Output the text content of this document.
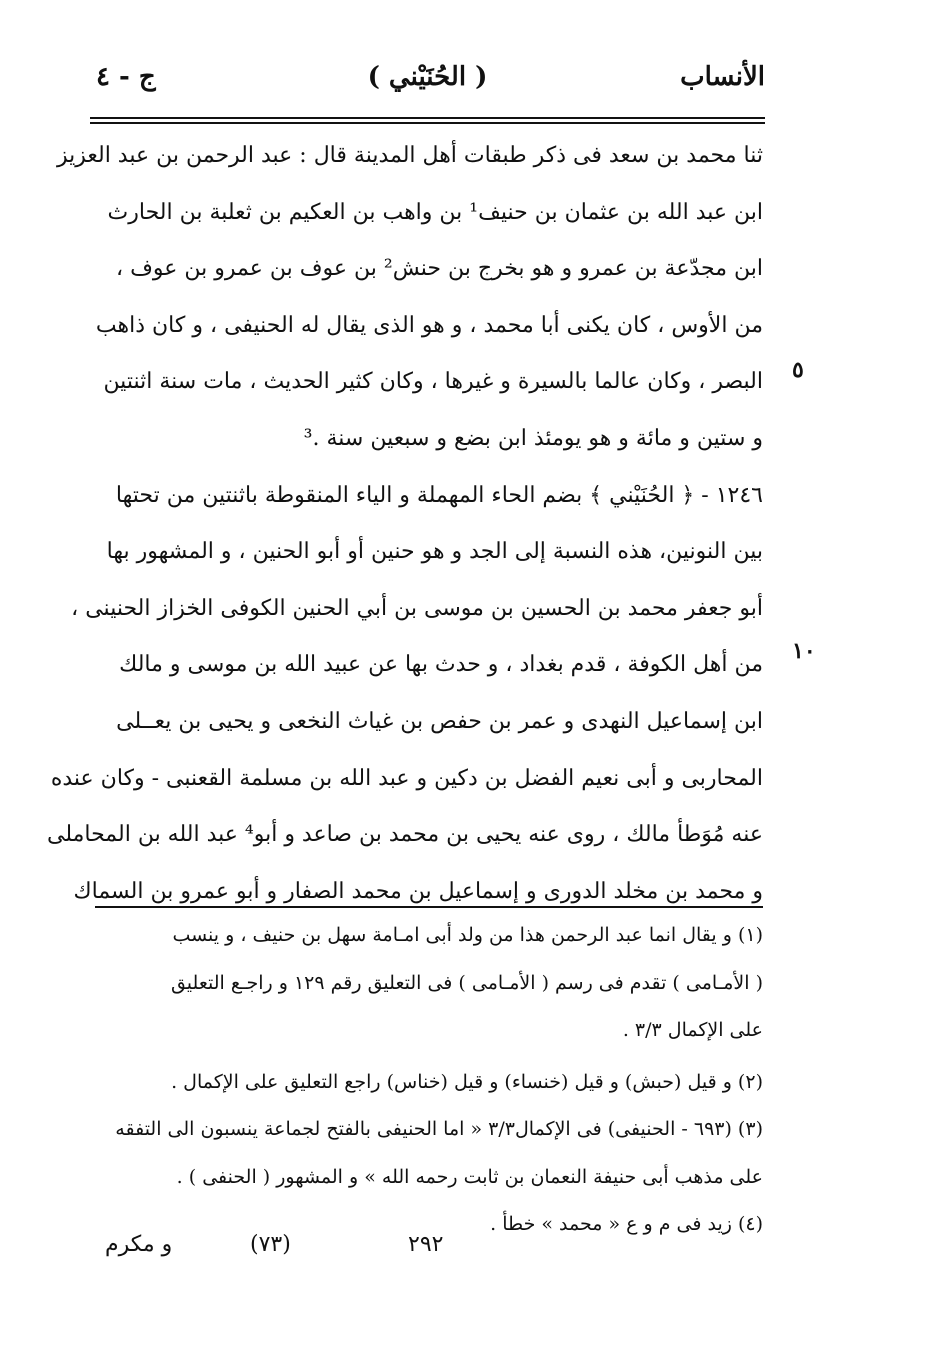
الأنساب
( الحُنَيْني )
ج - ٤
٥
١٠
ثنا محمد بن سعد فى ذكر طبقات أهل المدينة قال : عبد الرحمن بن عبد العزيز
ابن عبد الله بن عثمان بن حنيف¹ بن واهب بن العكيم بن ثعلبة بن الحارث
ابن مجدّعة بن عمرو و هو بخرج بن حنش² بن عوف بن عمرو بن عوف ،
من الأوس ، كان يكنى أبا محمد ، و هو الذى يقال له الحنيفى ، و كان ذاهب
البصر ، وكان عالما بالسيرة و غيرها ، وكان كثير الحديث ، مات سنة اثنتين
و ستين و مائة و هو يومئذ ابن بضع و سبعين سنة .³
١٢٤٦ - ﴿ الحُنَيْني ﴾ بضم الحاء المهملة و الياء المنقوطة باثنتين من تحتها
بين النونين، هذه النسبة إلى الجد و هو حنين أو أبو الحنين ، و المشهور بها
أبو جعفر محمد بن الحسين بن موسى بن أبي الحنين الكوفى الخزاز الحنينى ،
من أهل الكوفة ، قدم بغداد ، و حدث بها عن عبيد الله بن موسى و مالك
ابن إسماعيل النهدى و عمر بن حفص بن غياث النخعى و يحيى بن يعــلى
المحاربى و أبى نعيم الفضل بن دكين و عبد الله بن مسلمة القعنبى - وكان عنده
عنه مُوَطأ مالك ، روى عنه يحيى بن محمد بن صاعد و أبو⁴ عبد الله بن المحاملى
و محمد بن مخلد الدورى و إسماعيل بن محمد الصفار و أبو عمرو بن السماك
(١) و يقال انما عبد الرحمن هذا من ولد أبى امـامة سهل بن حنيف ، و ينسب
( الأمـامى ) تقدم فى رسم ( الأمـامى ) فى التعليق رقم ١٢٩ و راجـع التعليق
على الإكمال ٣/٣ .
(٢) و قيل (حبش) و قيل (خنساء) و قيل (خناس) راجع التعليق على الإكمال .
(٣) (٦٩٣ - الحنيفى) فى الإكمال٣/٣ « اما الحنيفى بالفتح لجماعة ينسبون الى التفقه
على مذهب أبى حنيفة النعمان بن ثابت رحمه الله » و المشهور ( الحنفى ) .
(٤) زيد فى م و ع « محمد » خطأ .
٢٩٢
(٧٣)
و مكرم
